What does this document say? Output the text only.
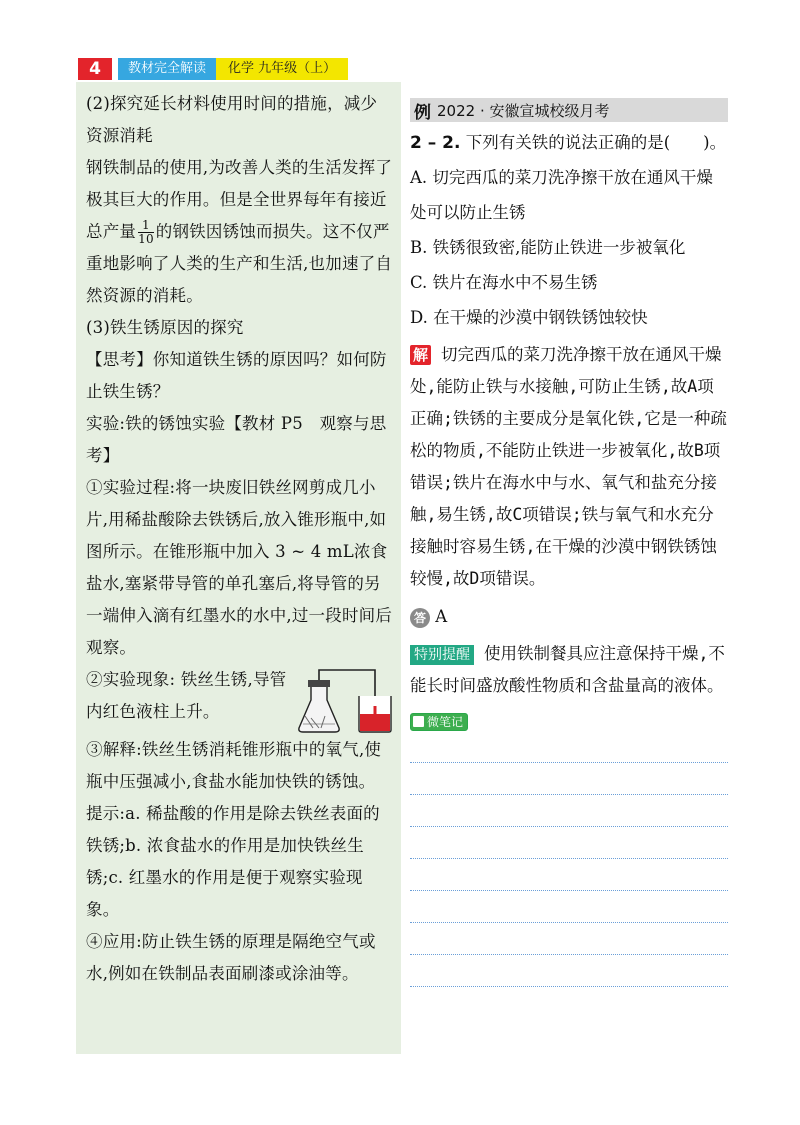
4	教材完全解读	化学 九年级（上）

(2)探究延长材料使用时间的措施，减少资源消耗

钢铁制品的使用,为改善人类的生活发挥了极其巨大的作用。但是全世界每年有接近总产量 $\frac{1}{10}$ 的钢铁因锈蚀而损失。这不仅严重地影响了人类的生产和生活,也加速了自然资源的消耗。

(3)铁生锈原因的探究

【思考】你知道铁生锈的原因吗？如何防止铁生锈？

实验:铁的锈蚀实验【教材 P5　观察与思考】

①实验过程:将一块废旧铁丝网剪成几小片,用稀盐酸除去铁锈后,放入锥形瓶中,如图所示。在锥形瓶中加入 3 ~ 4 mL浓食盐水,塞紧带导管的单孔塞后,将导管的另一端伸入滴有红墨水的水中,过一段时间后观察。

②实验现象: 铁丝生锈,导管内红色液柱上升。

③解释:铁丝生锈消耗锥形瓶中的氧气,使瓶中压强减小,食盐水能加快铁的锈蚀。

提示:a. 稀盐酸的作用是除去铁丝表面的铁锈;b. 浓食盐水的作用是加快铁丝生锈;c. 红墨水的作用是便于观察实验现象。

④应用:防止铁生锈的原理是隔绝空气或水,例如在铁制品表面刷漆或涂油等。

例 2022 · 安徽宣城校级月考

2 – 2. 下列有关铁的说法正确的是(　　)。

A. 切完西瓜的菜刀洗净擦干放在通风干燥处可以防止生锈

B. 铁锈很致密,能防止铁进一步被氧化

C. 铁片在海水中不易生锈

D. 在干燥的沙漠中钢铁锈蚀较快

解 切完西瓜的菜刀洗净擦干放在通风干燥处,能防止铁与水接触,可防止生锈,故A项正确;铁锈的主要成分是氧化铁,它是一种疏松的物质,不能防止铁进一步被氧化,故B项错误;铁片在海水中与水、氧气和盐充分接触,易生锈,故C项错误;铁与氧气和水充分接触时容易生锈,在干燥的沙漠中钢铁锈蚀较慢,故D项错误。

答 A

特别提醒 使用铁制餐具应注意保持干燥,不能长时间盛放酸性物质和含盐量高的液体。

微笔记
